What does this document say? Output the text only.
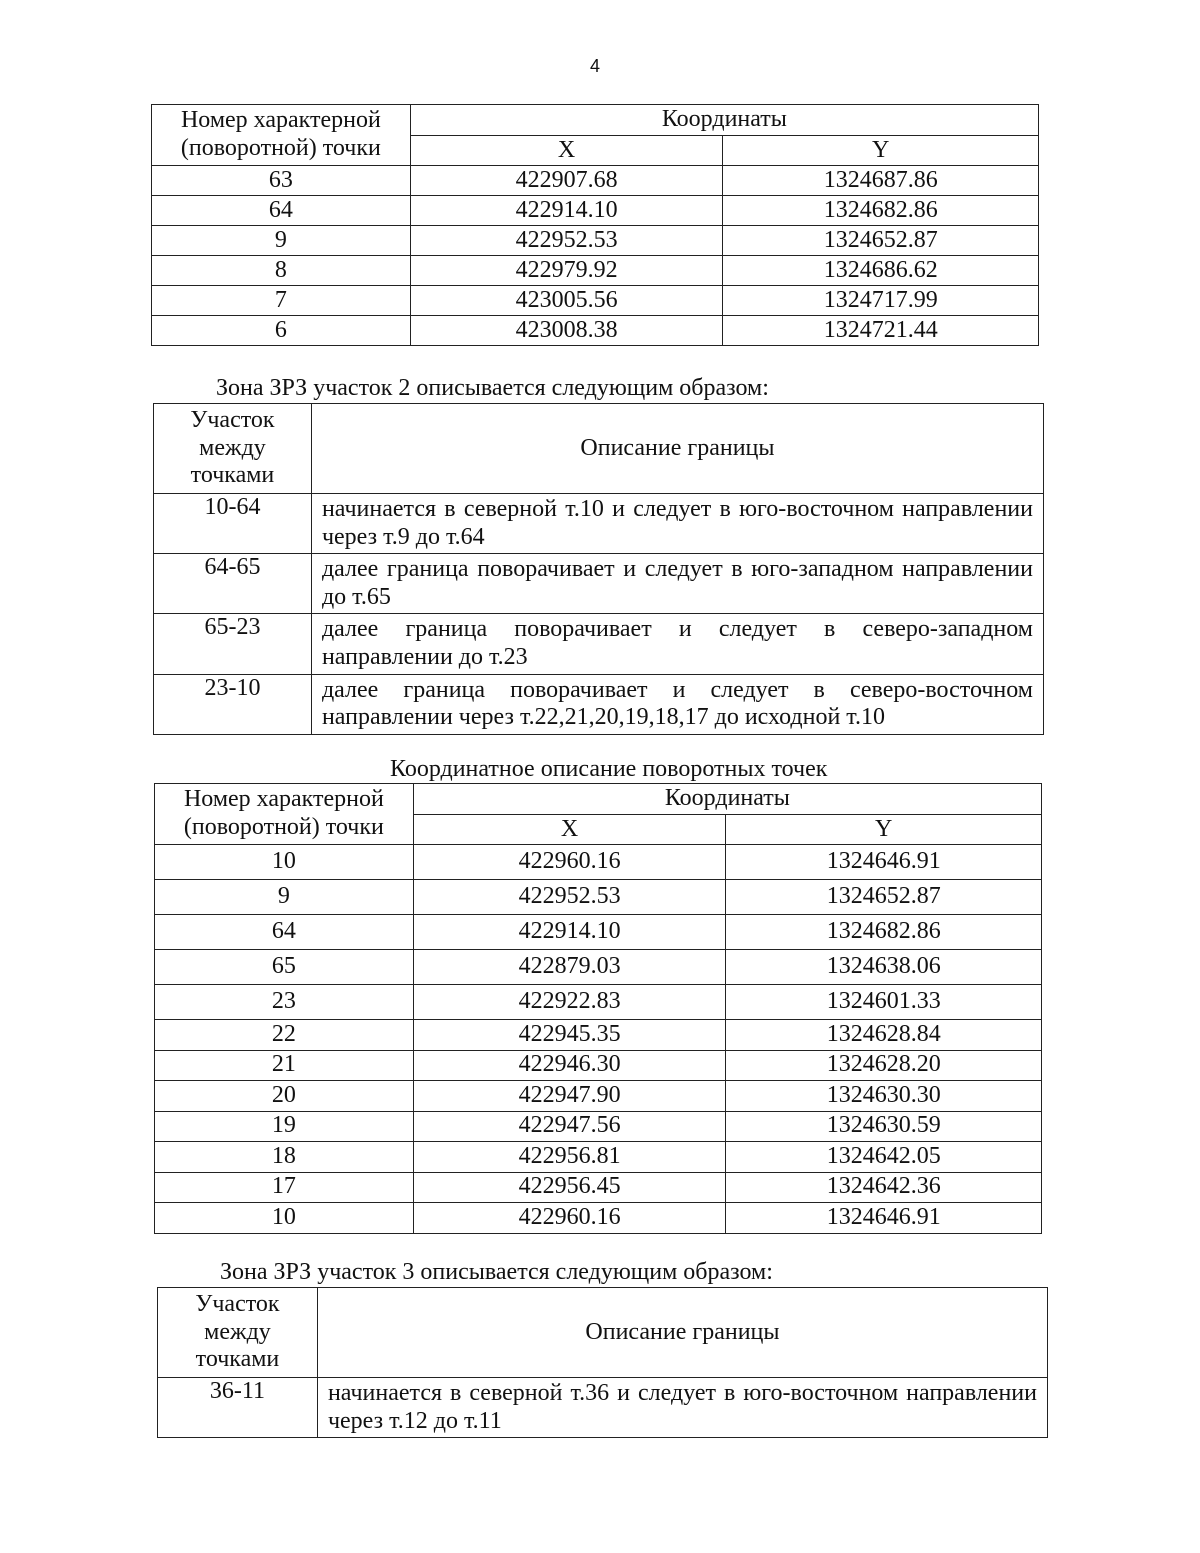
4
Номер характерной (поворотной) точки	Координаты	
	X	Y
63	422907.68	1324687.86
64	422914.10	1324682.86
9	422952.53	1324652.87
8	422979.92	1324686.62
7	423005.56	1324717.99
6	423008.38	1324721.44
Зона ЗРЗ участок 2 описывается следующим образом:
Участок между точками	Описание границы
10-64	начинается в северной т.10 и следует в юго-восточном направлении через т.9 до т.64
64-65	далее граница поворачивает и следует в юго-западном направлении до т.65
65-23	далее граница поворачивает и следует в северо-западном направлении до т.23
23-10	далее граница поворачивает и следует в северо-восточном направлении через т.22,21,20,19,18,17 до исходной т.10
Координатное описание поворотных точек
Номер характерной (поворотной) точки	Координаты	
	X	Y
10	422960.16	1324646.91
9	422952.53	1324652.87
64	422914.10	1324682.86
65	422879.03	1324638.06
23	422922.83	1324601.33
22	422945.35	1324628.84
21	422946.30	1324628.20
20	422947.90	1324630.30
19	422947.56	1324630.59
18	422956.81	1324642.05
17	422956.45	1324642.36
10	422960.16	1324646.91
Зона ЗРЗ участок 3 описывается следующим образом:
Участок между точками	Описание границы
36-11	начинается в северной т.36 и следует в юго-восточном направлении через т.12 до т.11
